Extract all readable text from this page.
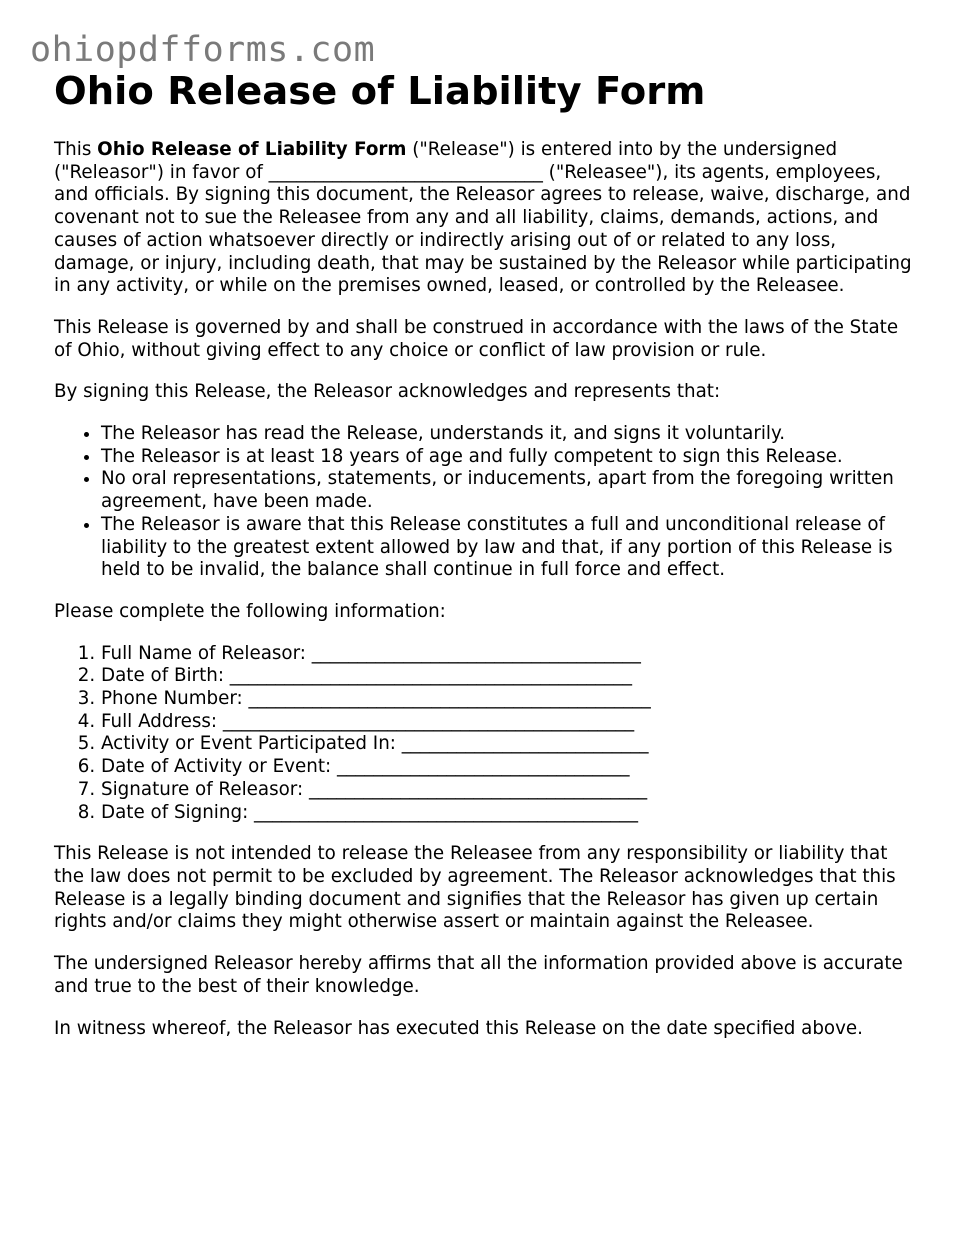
ohiopdfforms.com
Ohio Release of Liability Form

This Ohio Release of Liability Form ("Release") is entered into by the undersigned ("Releasor") in favor of ______________________________ ("Releasee"), its agents, employees, and officials. By signing this document, the Releasor agrees to release, waive, discharge, and covenant not to sue the Releasee from any and all liability, claims, demands, actions, and causes of action whatsoever directly or indirectly arising out of or related to any loss, damage, or injury, including death, that may be sustained by the Releasor while participating in any activity, or while on the premises owned, leased, or controlled by the Releasee.

This Release is governed by and shall be construed in accordance with the laws of the State of Ohio, without giving effect to any choice or conflict of law provision or rule.

By signing this Release, the Releasor acknowledges and represents that:

• The Releasor has read the Release, understands it, and signs it voluntarily.
• The Releasor is at least 18 years of age and fully competent to sign this Release.
• No oral representations, statements, or inducements, apart from the foregoing written agreement, have been made.
• The Releasor is aware that this Release constitutes a full and unconditional release of liability to the greatest extent allowed by law and that, if any portion of this Release is held to be invalid, the balance shall continue in full force and effect.

Please complete the following information:

1. Full Name of Releasor: ____________________________________
2. Date of Birth: ____________________________________________
3. Phone Number: ____________________________________________
4. Full Address: _____________________________________________
5. Activity or Event Participated In: ___________________________
6. Date of Activity or Event: ________________________________
7. Signature of Releasor: _____________________________________
8. Date of Signing: __________________________________________

This Release is not intended to release the Releasee from any responsibility or liability that the law does not permit to be excluded by agreement. The Releasor acknowledges that this Release is a legally binding document and signifies that the Releasor has given up certain rights and/or claims they might otherwise assert or maintain against the Releasee.

The undersigned Releasor hereby affirms that all the information provided above is accurate and true to the best of their knowledge.

In witness whereof, the Releasor has executed this Release on the date specified above.
